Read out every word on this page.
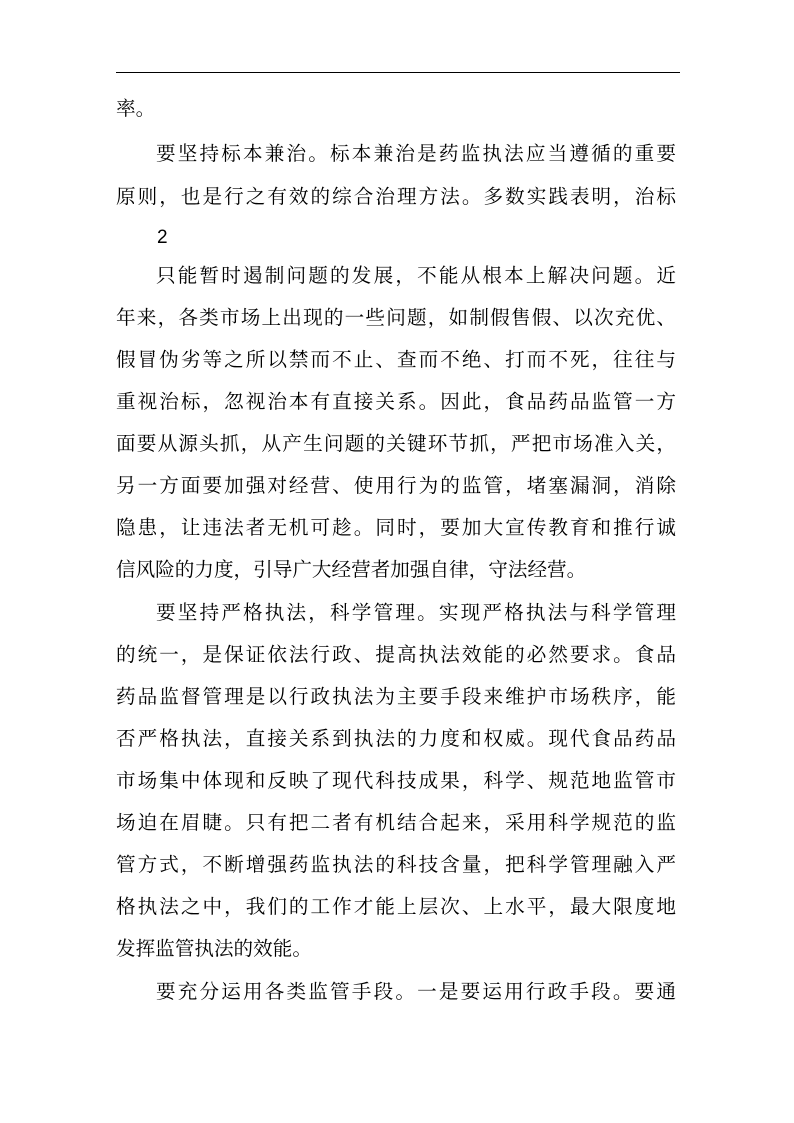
率。
要坚持标本兼治。标本兼治是药监执法应当遵循的重要
原则，也是行之有效的综合治理方法。多数实践表明，治标
2
只能暂时遏制问题的发展，不能从根本上解决问题。近
年来，各类市场上出现的一些问题，如制假售假、以次充优、
假冒伪劣等之所以禁而不止、查而不绝、打而不死，往往与
重视治标，忽视治本有直接关系。因此，食品药品监管一方
面要从源头抓，从产生问题的关键环节抓，严把市场准入关，
另一方面要加强对经营、使用行为的监管，堵塞漏洞，消除
隐患，让违法者无机可趁。同时，要加大宣传教育和推行诚
信风险的力度，引导广大经营者加强自律，守法经营。
要坚持严格执法，科学管理。实现严格执法与科学管理
的统一，是保证依法行政、提高执法效能的必然要求。食品
药品监督管理是以行政执法为主要手段来维护市场秩序，能
否严格执法，直接关系到执法的力度和权威。现代食品药品
市场集中体现和反映了现代科技成果，科学、规范地监管市
场迫在眉睫。只有把二者有机结合起来，采用科学规范的监
管方式，不断增强药监执法的科技含量，把科学管理融入严
格执法之中，我们的工作才能上层次、上水平，最大限度地
发挥监管执法的效能。
要充分运用各类监管手段。一是要运用行政手段。要通
